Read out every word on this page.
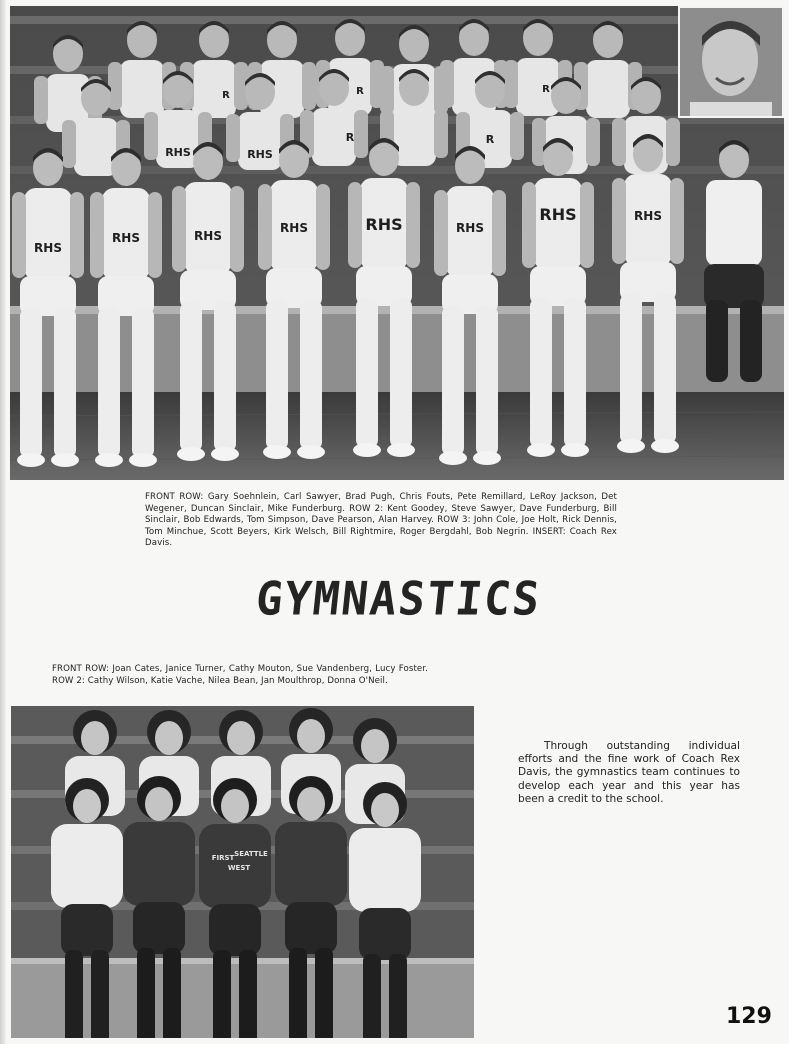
RHS
RHS	RHS
RHS	RHS	RHS
RHS	RHS
RHS	RHS
R	R
R	R	R

FRONT ROW: Gary Soehnlein, Carl Sawyer, Brad Pugh, Chris Fouts, Pete Remillard, LeRoy Jackson, Det Wegener, Duncan Sinclair, Mike Funderburg. ROW 2: Kent Goodey, Steve Sawyer, Dave Funderburg, Bill Sinclair, Bob Edwards, Tom Simpson, Dave Pearson, Alan Harvey. ROW 3: John Cole, Joe Holt, Rick Dennis, Tom Minchue, Scott Beyers, Kirk Welsch, Bill Rightmire, Roger Bergdahl, Bob Negrin. INSERT: Coach Rex Davis.

GYMNASTICS

FRONT ROW: Joan Cates, Janice Turner, Cathy Mouton, Sue Vandenberg, Lucy Foster. ROW 2: Cathy Wilson, Katie Vache, Nilea Bean, Jan Moulthrop, Donna O'Neil.

FIRST SEATTLE
WEST

Through outstanding individual efforts and the fine work of Coach Rex Davis, the gymnastics team continues to develop each year and this year has been a credit to the school.

129
